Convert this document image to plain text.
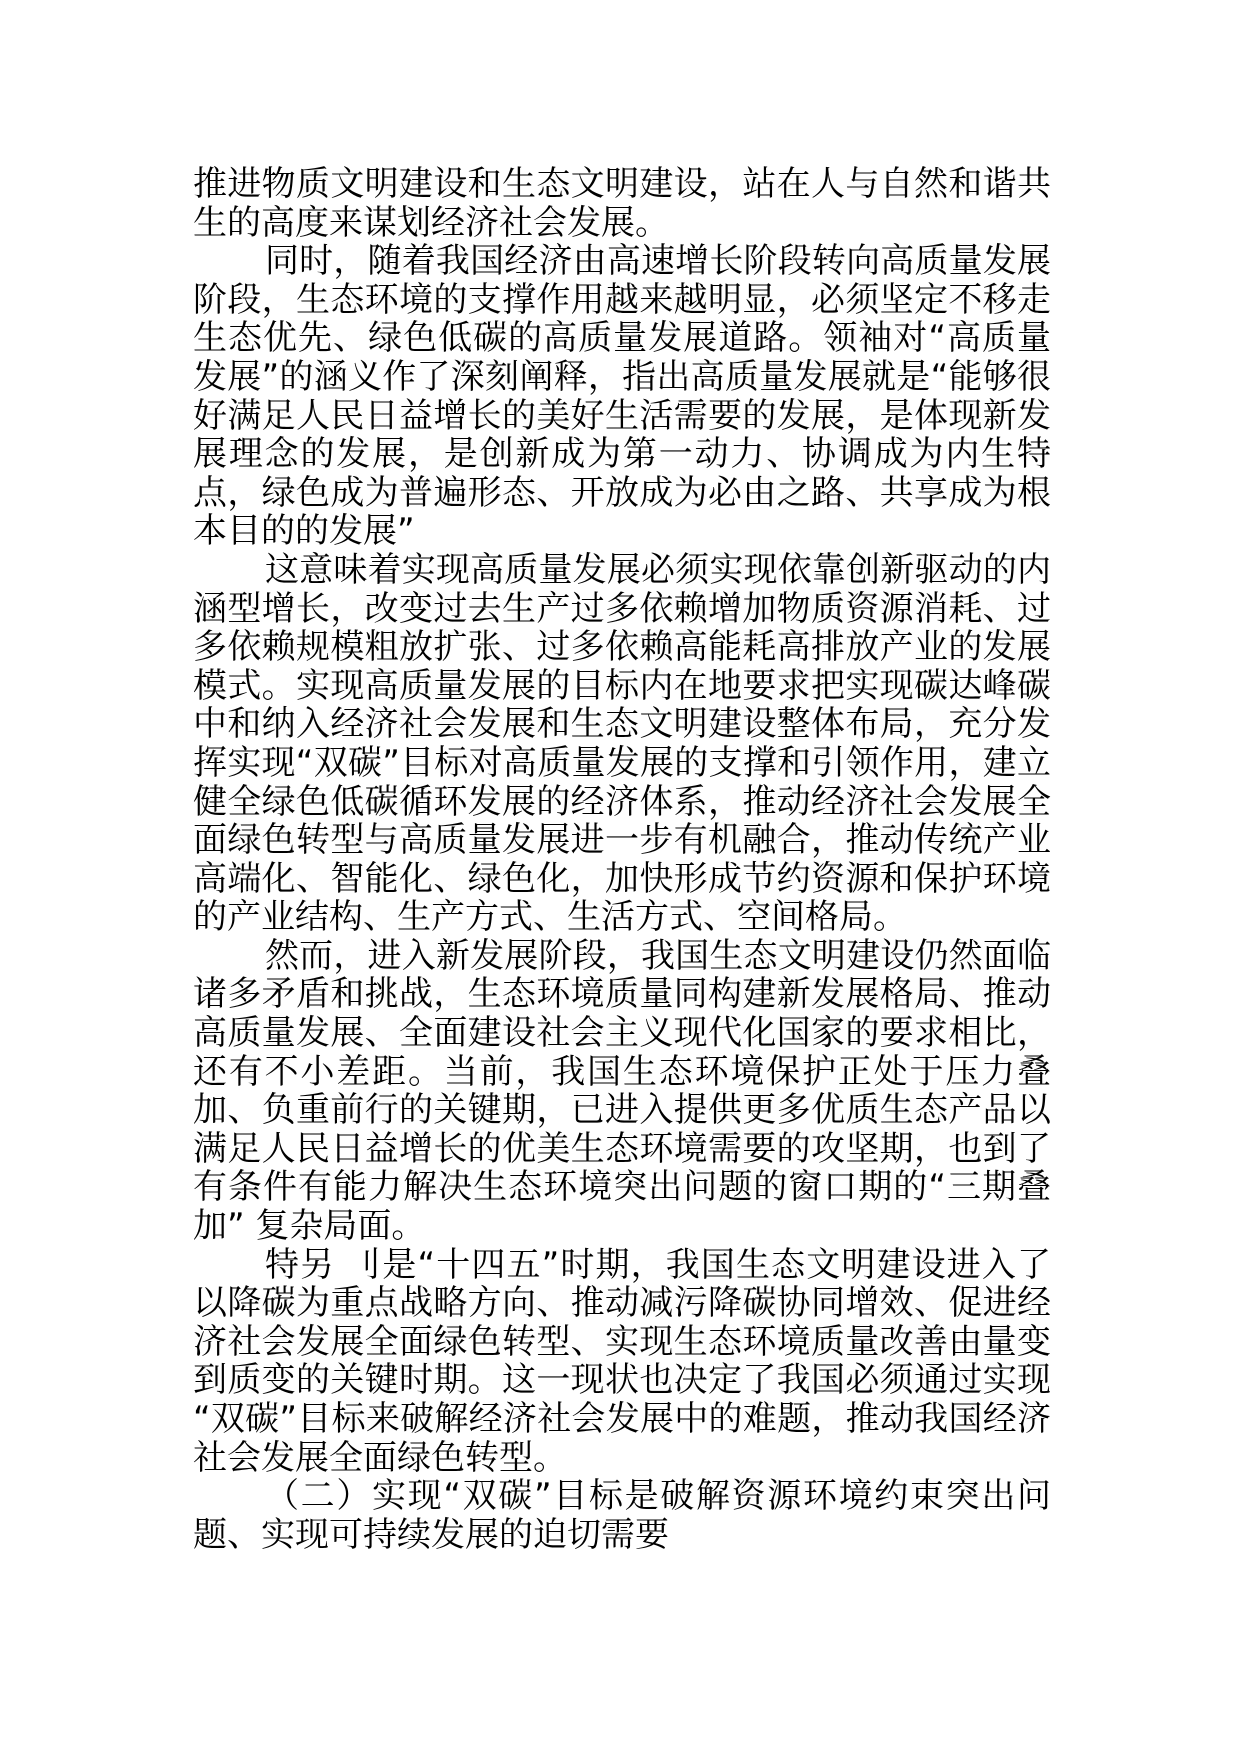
推进物质文明建设和生态文明建设，站在人与自然和谐共生的高度来谋划经济社会发展。

同时，随着我国经济由高速增长阶段转向高质量发展阶段，生态环境的支撑作用越来越明显，必须坚定不移走生态优先、绿色低碳的高质量发展道路。领袖对“高质量发展”的涵义作了深刻阐释，指出高质量发展就是“能够很好满足人民日益增长的美好生活需要的发展，是体现新发展理念的发展，是创新成为第一动力、协调成为内生特点，绿色成为普遍形态、开放成为必由之路、共享成为根本目的的发展”

这意味着实现高质量发展必须实现依靠创新驱动的内涵型增长，改变过去生产过多依赖增加物质资源消耗、过多依赖规模粗放扩张、过多依赖高能耗高排放产业的发展模式。实现高质量发展的目标内在地要求把实现碳达峰碳中和纳入经济社会发展和生态文明建设整体布局，充分发挥实现“双碳”目标对高质量发展的支撑和引领作用，建立健全绿色低碳循环发展的经济体系，推动经济社会发展全面绿色转型与高质量发展进一步有机融合，推动传统产业高端化、智能化、绿色化，加快形成节约资源和保护环境的产业结构、生产方式、生活方式、空间格局。

然而，进入新发展阶段，我国生态文明建设仍然面临诸多矛盾和挑战，生态环境质量同构建新发展格局、推动高质量发展、全面建设社会主义现代化国家的要求相比，还有不小差距。当前，我国生态环境保护正处于压力叠加、负重前行的关键期，已进入提供更多优质生态产品以满足人民日益增长的优美生态环境需要的攻坚期，也到了有条件有能力解决生态环境突出问题的窗口期的“三期叠加” 复杂局面。

特另 刂是“十四五”时期，我国生态文明建设进入了以降碳为重点战略方向、推动减污降碳协同增效、促进经济社会发展全面绿色转型、实现生态环境质量改善由量变到质变的关键时期。这一现状也决定了我国必须通过实现 “双碳”目标来破解经济社会发展中的难题，推动我国经济社会发展全面绿色转型。

（二）实现“双碳”目标是破解资源环境约束突出问题、实现可持续发展的迫切需要
